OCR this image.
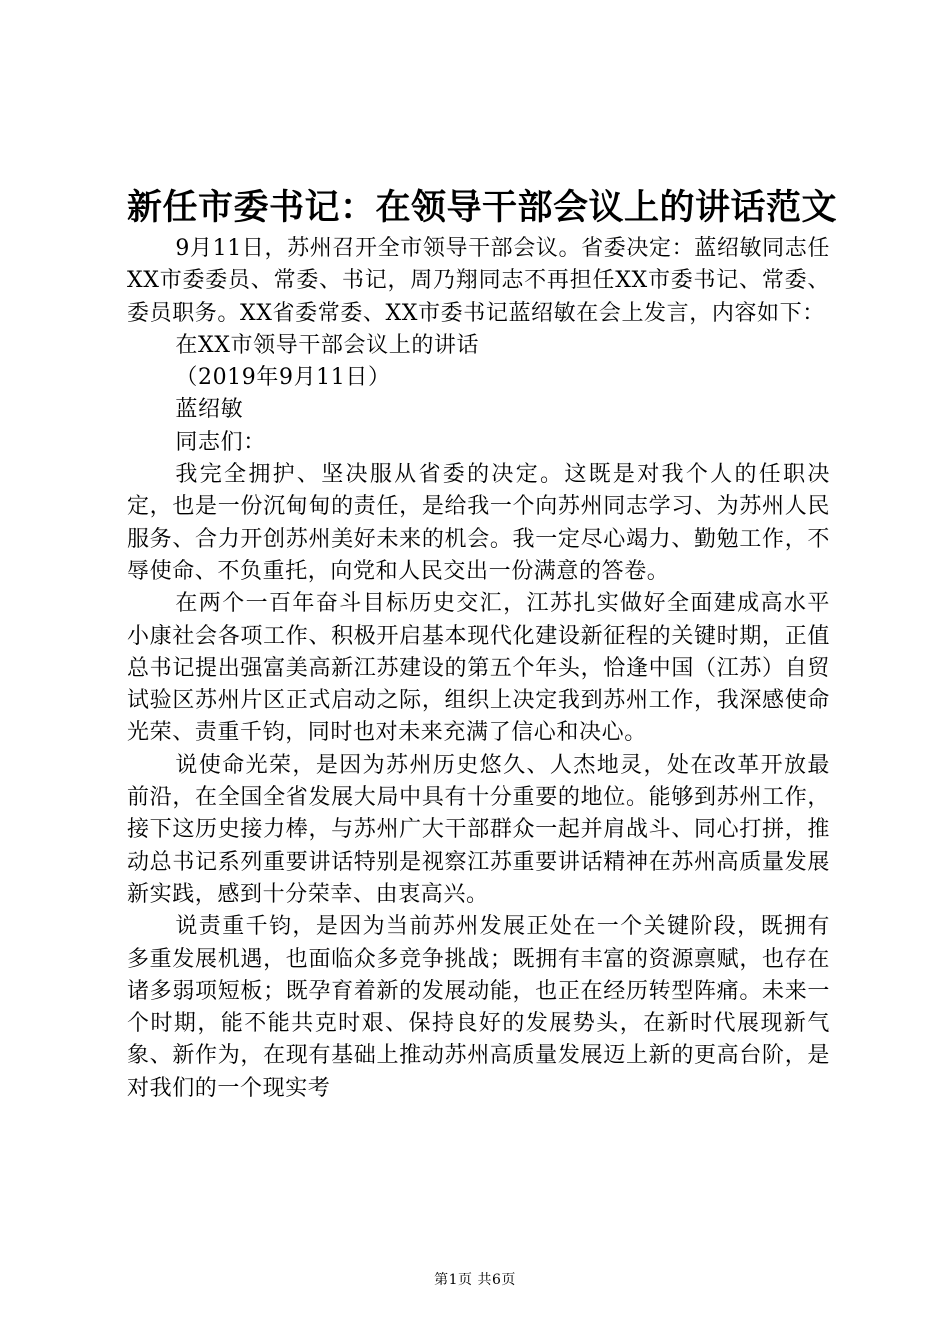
新任市委书记：在领导干部会议上的讲话范文

9月11日，苏州召开全市领导干部会议。省委决定：蓝绍敏同志任XX市委委员、常委、书记，周乃翔同志不再担任XX市委书记、常委、委员职务。XX省委常委、XX市委书记蓝绍敏在会上发言，内容如下：

在XX市领导干部会议上的讲话

（2019年9月11日）

蓝绍敏

同志们：

我完全拥护、坚决服从省委的决定。这既是对我个人的任职决定，也是一份沉甸甸的责任，是给我一个向苏州同志学习、为苏州人民服务、合力开创苏州美好未来的机会。我一定尽心竭力、勤勉工作，不辱使命、不负重托，向党和人民交出一份满意的答卷。

在两个一百年奋斗目标历史交汇，江苏扎实做好全面建成高水平小康社会各项工作、积极开启基本现代化建设新征程的关键时期，正值总书记提出强富美高新江苏建设的第五个年头，恰逢中国（江苏）自贸试验区苏州片区正式启动之际，组织上决定我到苏州工作，我深感使命光荣、责重千钧，同时也对未来充满了信心和决心。

说使命光荣，是因为苏州历史悠久、人杰地灵，处在改革开放最前沿，在全国全省发展大局中具有十分重要的地位。能够到苏州工作，接下这历史接力棒，与苏州广大干部群众一起并肩战斗、同心打拼，推动总书记系列重要讲话特别是视察江苏重要讲话精神在苏州高质量发展新实践，感到十分荣幸、由衷高兴。

说责重千钧，是因为当前苏州发展正处在一个关键阶段，既拥有多重发展机遇，也面临众多竞争挑战；既拥有丰富的资源禀赋，也存在诸多弱项短板；既孕育着新的发展动能，也正在经历转型阵痛。未来一个时期，能不能共克时艰、保持良好的发展势头，在新时代展现新气象、新作为，在现有基础上推动苏州高质量发展迈上新的更高台阶，是对我们的一个现实考

第1页 共6页
